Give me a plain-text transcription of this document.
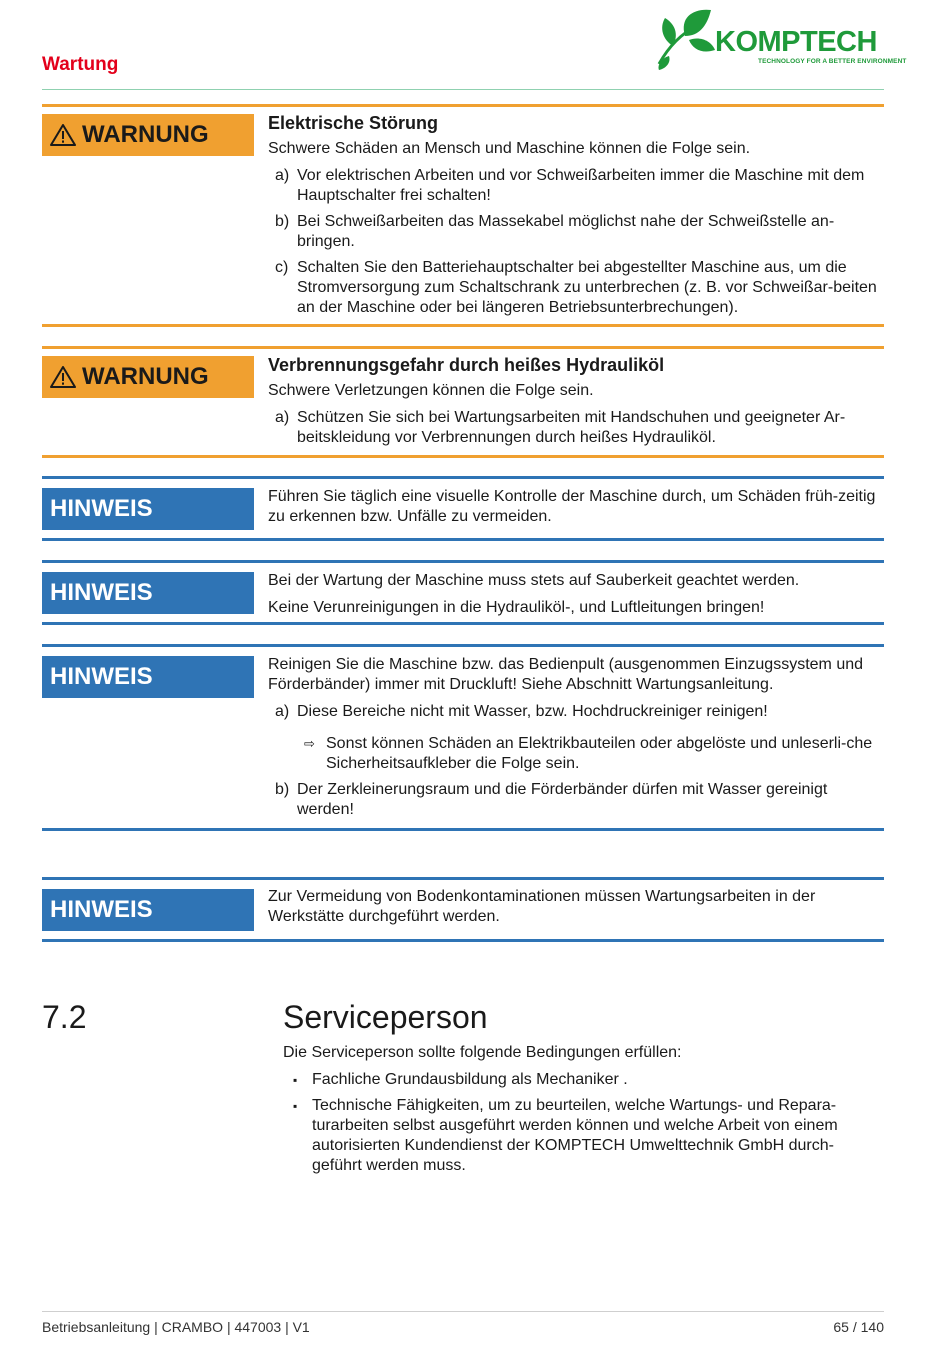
Wartung
KOMPTECH
TECHNOLOGY FOR A BETTER ENVIRONMENT
WARNUNG	Elektrische Störung

Schwere Schäden an Mensch und Maschine können die Folge sein.

a) Vor elektrischen Arbeiten und vor Schweißarbeiten immer die Maschine mit dem Hauptschalter frei schalten!
b) Bei Schweißarbeiten das Massekabel möglichst nahe der Schweißstelle an-bringen.
c) Schalten Sie den Batteriehauptschalter bei abgestellter Maschine aus, um die Stromversorgung zum Schaltschrank zu unterbrechen (z. B. vor Schweißar-beiten an der Maschine oder bei längeren Betriebsunterbrechungen).
WARNUNG	Verbrennungsgefahr durch heißes Hydrauliköl

Schwere Verletzungen können die Folge sein.

a) Schützen Sie sich bei Wartungsarbeiten mit Handschuhen und geeigneter Ar-beitskleidung vor Verbrennungen durch heißes Hydrauliköl.
HINWEIS	Führen Sie täglich eine visuelle Kontrolle der Maschine durch, um Schäden früh-zeitig zu erkennen bzw. Unfälle zu vermeiden.

HINWEIS	Bei der Wartung der Maschine muss stets auf Sauberkeit geachtet werden.

Keine Verunreinigungen in die Hydrauliköl-, und Luftleitungen bringen!

HINWEIS	Reinigen Sie die Maschine bzw. das Bedienpult (ausgenommen Einzugssystem und Förderbänder) immer mit Druckluft! Siehe Abschnitt Wartungsanleitung.

a) Diese Bereiche nicht mit Wasser, bzw. Hochdruckreiniger reinigen!
⇨ Sonst können Schäden an Elektrikbauteilen oder abgelöste und unleserli-che Sicherheitsaufkleber die Folge sein.
b) Der Zerkleinerungsraum und die Förderbänder dürfen mit Wasser gereinigt werden!
HINWEIS	Zur Vermeidung von Bodenkontaminationen müssen Wartungsarbeiten in der Werkstätte durchgeführt werden.

7.2	Serviceperson

Die Serviceperson sollte folgende Bedingungen erfüllen:

▪ Fachliche Grundausbildung als Mechaniker .
▪ Technische Fähigkeiten, um zu beurteilen, welche Wartungs- und Repara-turarbeiten selbst ausgeführt werden können und welche Arbeit von einem autorisierten Kundendienst der KOMPTECH Umwelttechnik GmbH durch-geführt werden muss.
Betriebsanleitung | CRAMBO | 447003 | V1	65 / 140
